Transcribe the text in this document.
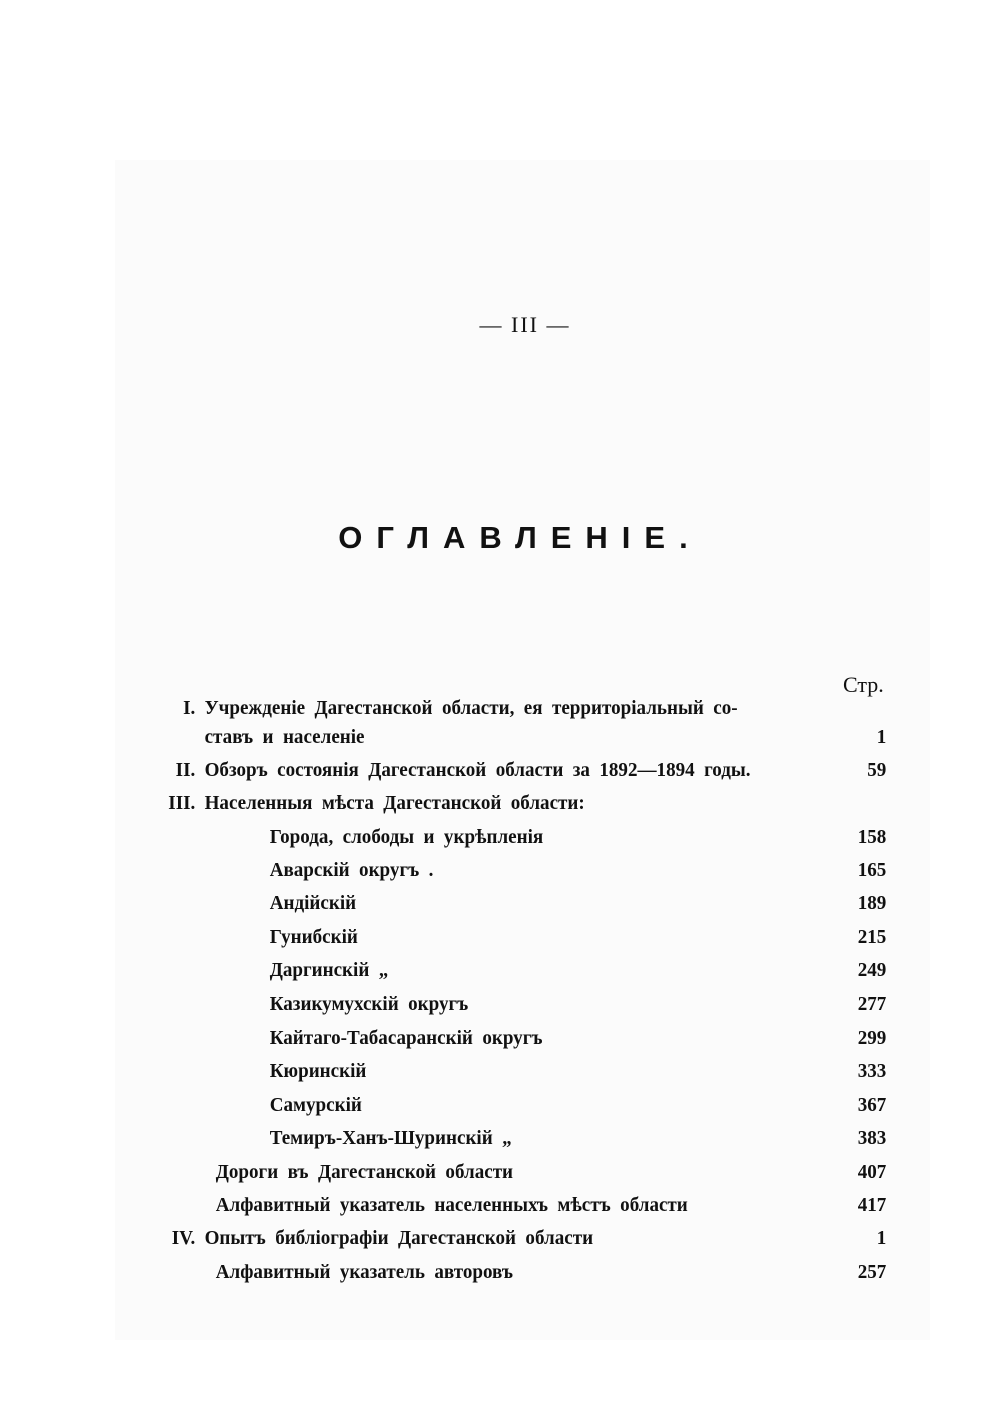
— III —
ОГЛАВЛЕНІЕ.
Стр.
I. Учрежденіе Дагестанской области, ея территоріальный со-
ставъ и населеніе	1
II. Обзоръ состоянія Дагестанской области за 1892—1894 годы.	59
III. Населенныя мѣста Дагестанской области:
Города, слободы и укрѣпленія	158
Аварскій округъ .	165
Андійскій	189
Гунибскій	215
Даргинскій „	249
Казикумухскій округъ	277
Кайтаго-Табасаранскій округъ	299
Кюринскій	333
Самурскій	367
Темиръ-Ханъ-Шуринскій „	383
Дороги въ Дагестанской области	407
Алфавитный указатель населенныхъ мѣстъ области	417
IV. Опытъ библіографіи Дагестанской области	1
Алфавитный указатель авторовъ	257
